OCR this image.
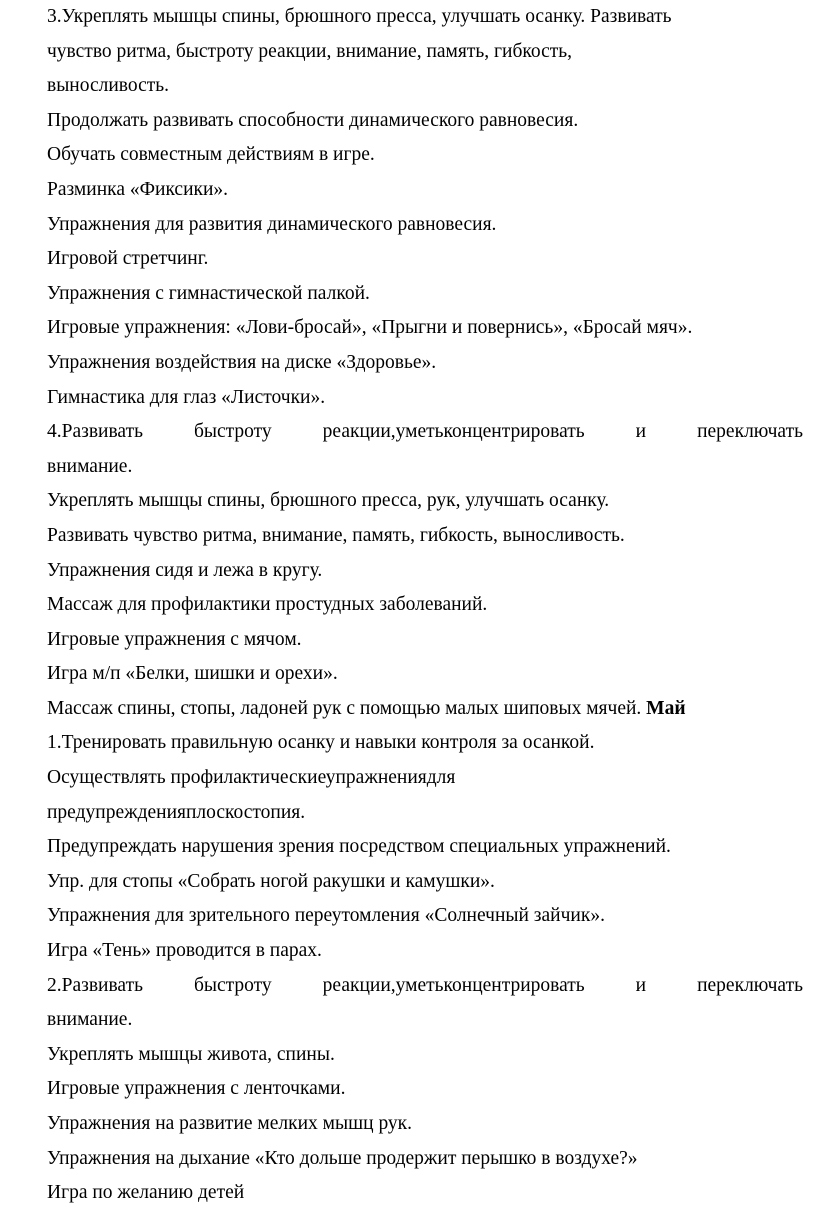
3.Укреплять мышцы спины, брюшного пресса, улучшать осанку. Развивать
чувство ритма, быстроту реакции, внимание, память, гибкость,
выносливость.
Продолжать развивать способности динамического равновесия.
Обучать совместным действиям в игре.
Разминка «Фиксики».
Упражнения для развития динамического равновесия.
Игровой стретчинг.
Упражнения с гимнастической палкой.
Игровые упражнения: «Лови-бросай», «Прыгни и повернись», «Бросай мяч».
Упражнения воздействия на диске «Здоровье».
Гимнастика для глаз «Листочки».
4.Развивать	быстроту	реакции,уметьконцентрировать	и	переключать
внимание.
Укреплять мышцы спины, брюшного пресса, рук, улучшать осанку.
Развивать чувство ритма, внимание, память, гибкость, выносливость.
Упражнения сидя и лежа в кругу.
Массаж для профилактики простудных заболеваний.
Игровые упражнения с мячом.
Игра м/п «Белки, шишки и орехи».
Массаж спины, стопы, ладоней рук с помощью малых шиповых мячей. Май
1.Тренировать правильную осанку и навыки контроля за осанкой.
Осуществлять профилактическиеупражнениядля
предупрежденияплоскостопия.
Предупреждать нарушения зрения посредством специальных упражнений.
Упр. для стопы «Собрать ногой ракушки и камушки».
Упражнения для зрительного переутомления «Солнечный зайчик».
Игра «Тень» проводится в парах.
2.Развивать	быстроту	реакции,уметьконцентрировать	и	переключать
внимание.
Укреплять мышцы живота, спины.
Игровые упражнения с ленточками.
Упражнения на развитие мелких мышц рук.
Упражнения на дыхание «Кто дольше продержит перышко в воздухе?»
Игра по желанию детей
